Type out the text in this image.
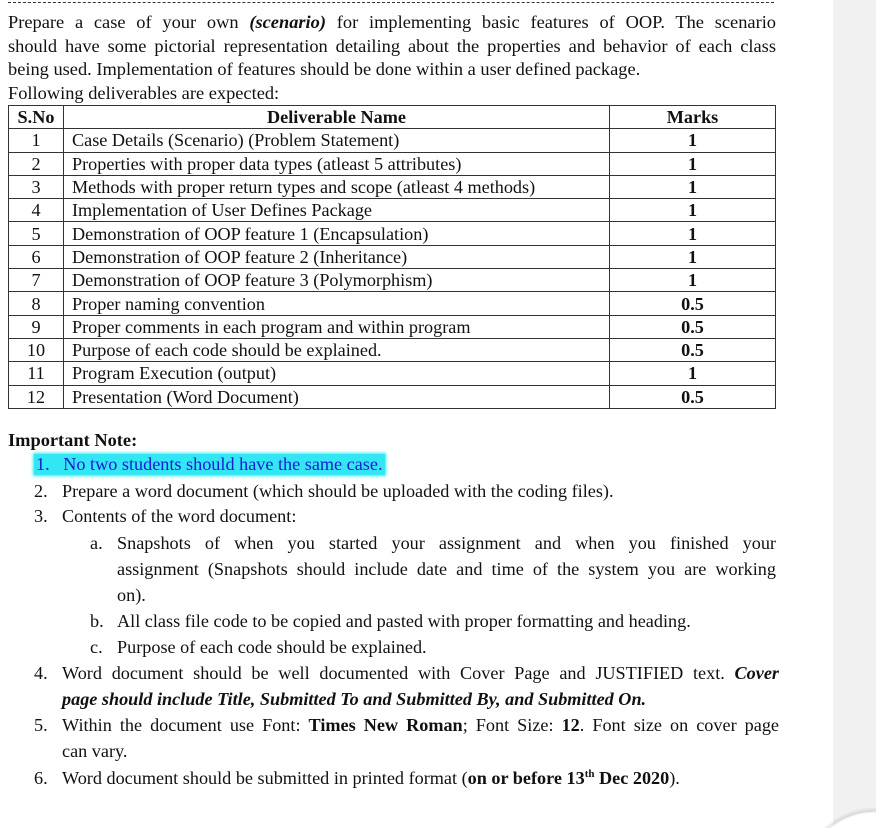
Prepare a case of your own (scenario) for implementing basic features of OOP. The scenario
should have some pictorial representation detailing about the properties and behavior of each class
being used. Implementation of features should be done within a user defined package.
Following deliverables are expected:
S.No	Deliverable Name	Marks
1	Case Details (Scenario) (Problem Statement)	1
2	Properties with proper data types (atleast 5 attributes)	1
3	Methods with proper return types and scope (atleast 4 methods)	1
4	Implementation of User Defines Package	1
5	Demonstration of OOP feature 1 (Encapsulation)	1
6	Demonstration of OOP feature 2 (Inheritance)	1
7	Demonstration of OOP feature 3 (Polymorphism)	1
8	Proper naming convention	0.5
9	Proper comments in each program and within program	0.5
10	Purpose of each code should be explained.	0.5
11	Program Execution (output)	1
12	Presentation (Word Document)	0.5
Important Note:
1. No two students should have the same case.
2. Prepare a word document (which should be uploaded with the coding files).
3. Contents of the word document:
a. Snapshots of when you started your assignment and when you finished your
assignment (Snapshots should include date and time of the system you are working
on).
b. All class file code to be copied and pasted with proper formatting and heading.
c. Purpose of each code should be explained.
4. Word document should be well documented with Cover Page and JUSTIFIED text. Cover
page should include Title, Submitted To and Submitted By, and Submitted On.
5. Within the document use Font: Times New Roman; Font Size: 12. Font size on cover page
can vary.
6. Word document should be submitted in printed format (on or before 13th Dec 2020).
